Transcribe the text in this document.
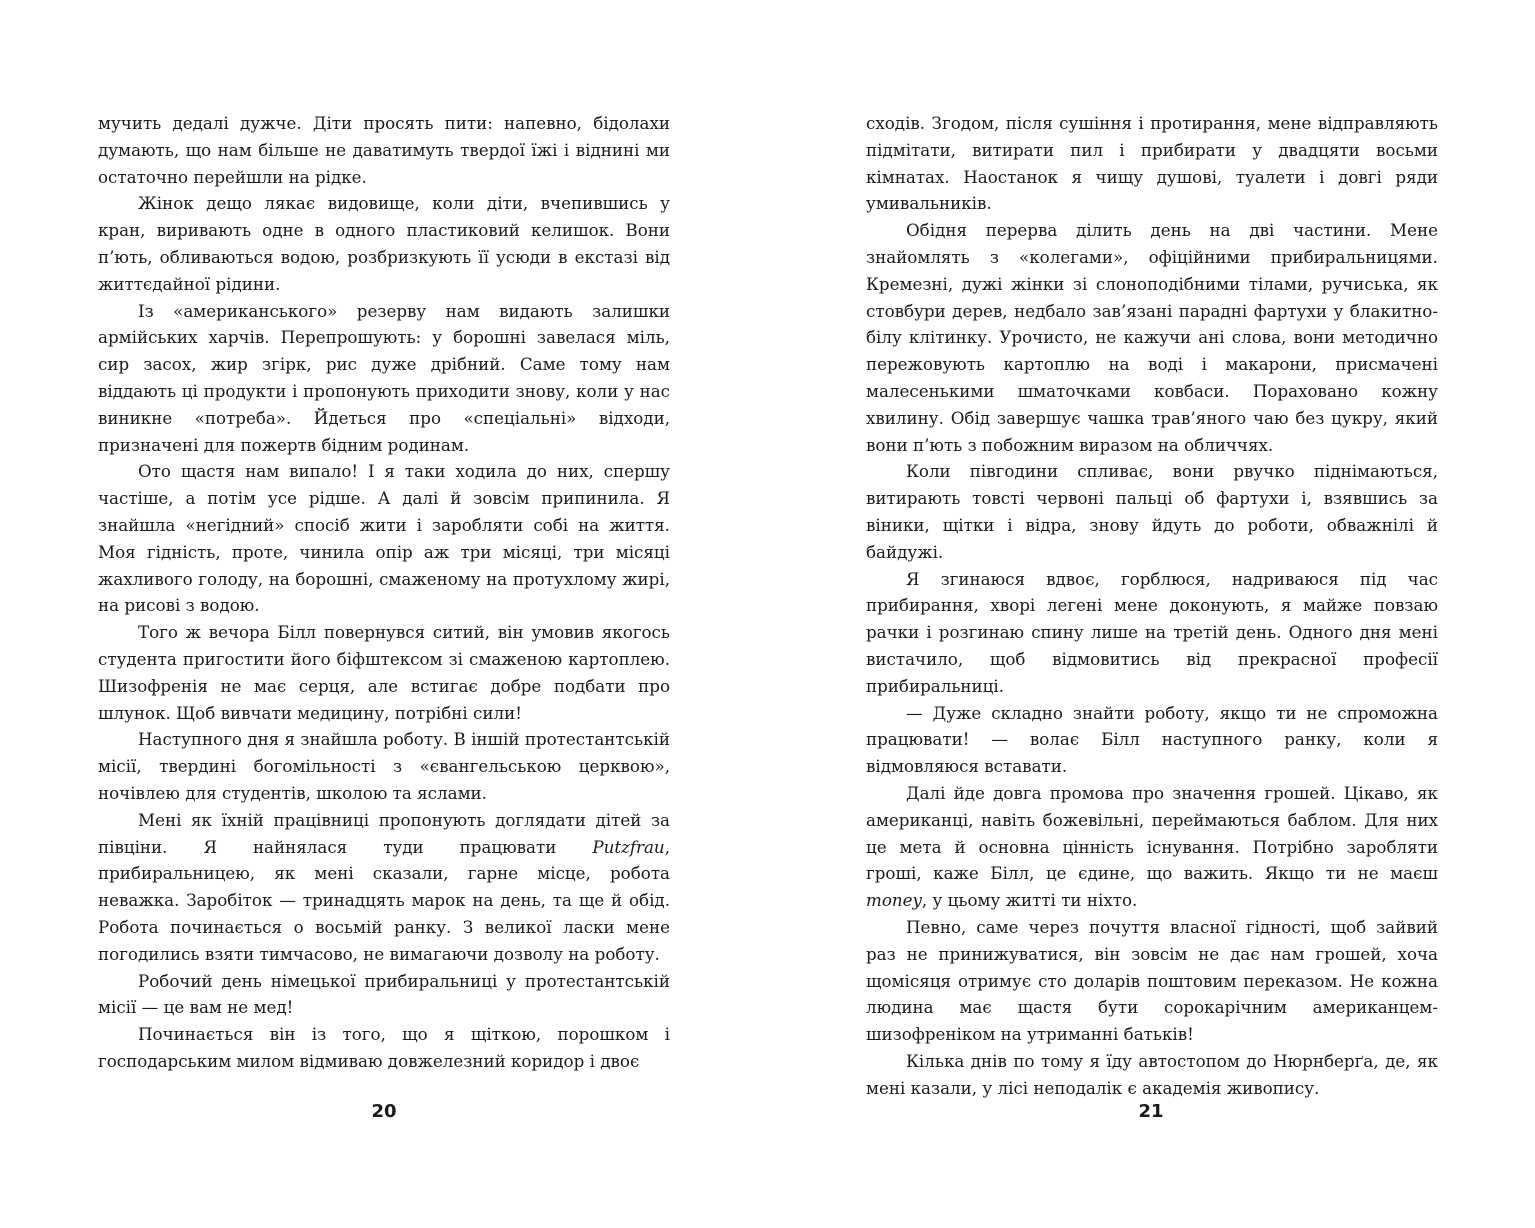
мучить дедалі дужче. Діти просять пити: напевно, бідолахи думають, що нам більше не даватимуть твердої їжі і віднині ми остаточно перейшли на рідке.

Жінок дещо лякає видовище, коли діти, вчепившись у кран, виривають одне в одного пластиковий келишок. Вони п’ють, обливаються водою, розбризкують її усюди в екстазі від життєдайної рідини.

Із «американського» резерву нам видають залишки армійських харчів. Перепрошують: у борошні завелася міль, сир засох, жир згірк, рис дуже дрібний. Саме тому нам віддають ці продукти і пропонують приходити знову, коли у нас виникне «потреба». Йдеться про «спеціальні» відходи, призначені для пожертв бідним родинам.

Ото щастя нам випало! І я таки ходила до них, спершу частіше, а потім усе рідше. А далі й зовсім припинила. Я знайшла «негідний» спосіб жити і заробляти собі на життя. Моя гідність, проте, чинила опір аж три місяці, три місяці жахливого голоду, на борошні, смаженому на протухлому жирі, на рисові з водою.

Того ж вечора Білл повернувся ситий, він умовив якогось студента пригостити його біфштексом зі смаженою картоплею. Шизофренія не має серця, але встигає добре подбати про шлунок. Щоб вивчати медицину, потрібні сили!

Наступного дня я знайшла роботу. В іншій протестантській місії, твердині богомільності з «євангельською церквою», ночівлею для студентів, школою та яслами.

Мені як їхній працівниці пропонують доглядати дітей за півціни. Я найнялася туди працювати Putzfrau, прибиральницею, як мені сказали, гарне місце, робота неважка. Заробіток — тринадцять марок на день, та ще й обід. Робота починається о восьмій ранку. З великої ласки мене погодились взяти тимчасово, не вимагаючи дозволу на роботу.

Робочий день німецької прибиральниці у протестантській місії — це вам не мед!

Починається він із того, що я щіткою, порошком і господарським милом відмиваю довжелезний коридор і двоє

20

сходів. Згодом, після сушіння і протирання, мене відправляють підмітати, витирати пил і прибирати у двадцяти восьми кімнатах. Наостанок я чищу душові, туалети і довгі ряди умивальників.

Обідня перерва ділить день на дві частини. Мене знайомлять з «колегами», офіційними прибиральницями. Кремезні, дужі жінки зі слоноподібними тілами, ручиська, як стовбури дерев, недбало зав’язані парадні фартухи у блакитно-білу клітинку. Урочисто, не кажучи ані слова, вони методично пережовують картоплю на воді і макарони, присмачені малесенькими шматочками ковбаси. Пораховано кожну хвилину. Обід завершує чашка трав’яного чаю без цукру, який вони п’ють з побожним виразом на обличчях.

Коли півгодини спливає, вони рвучко піднімаються, витирають товсті червоні пальці об фартухи і, взявшись за віники, щітки і відра, знову йдуть до роботи, обважнілі й байдужі.

Я згинаюся вдвоє, горблюся, надриваюся під час прибирання, хворі легені мене доконують, я майже повзаю рачки і розгинаю спину лише на третій день. Одного дня мені вистачило, щоб відмовитись від прекрасної професії прибиральниці.

— Дуже складно знайти роботу, якщо ти не спроможна працювати! — волає Білл наступного ранку, коли я відмовляюся вставати.

Далі йде довга промова про значення грошей. Цікаво, як американці, навіть божевільні, переймаються баблом. Для них це мета й основна цінність існування. Потрібно заробляти гроші, каже Білл, це єдине, що важить. Якщо ти не маєш money, у цьому житті ти ніхто.

Певно, саме через почуття власної гідності, щоб зайвий раз не принижуватися, він зовсім не дає нам грошей, хоча щомісяця отримує сто доларів поштовим переказом. Не кожна людина має щастя бути сорокарічним американцем-шизофреніком на утриманні батьків!

Кілька днів по тому я їду автостопом до Нюрнберґа, де, як мені казали, у лісі неподалік є академія живопису.

21
